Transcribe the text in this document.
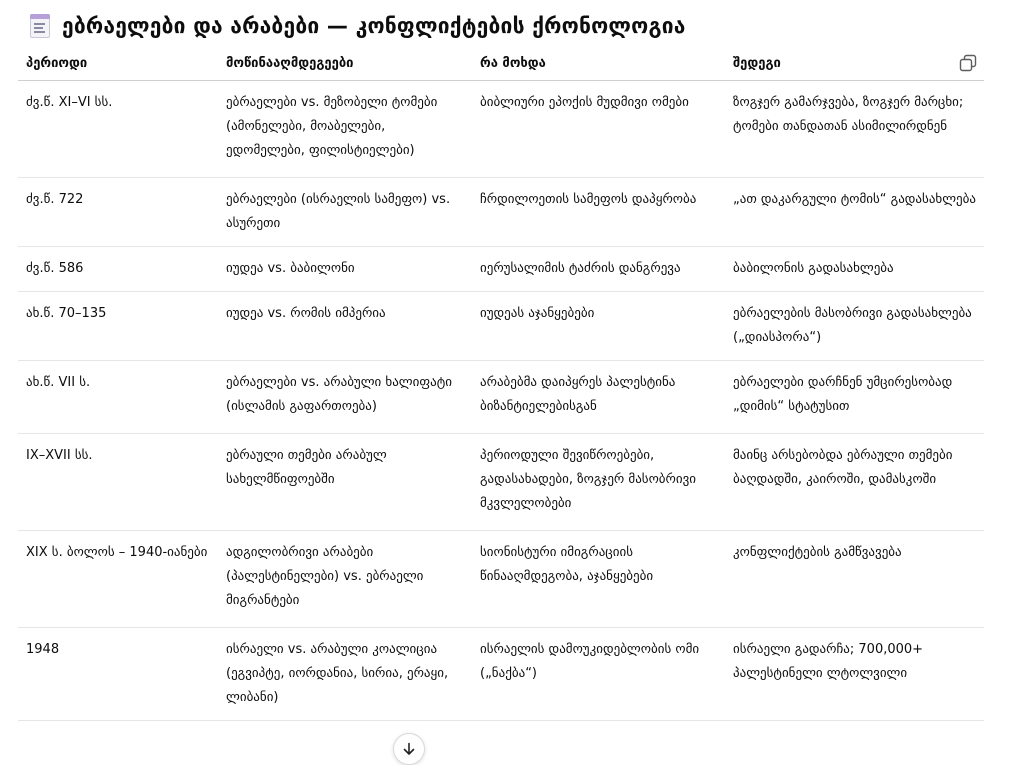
ებრაელები და არაბები — კონფლიქტების ქრონოლოგია
პერიოდი	მოწინააღმდეგეები	რა მოხდა	შედეგი
ძვ.წ. XI–VI სს.	ებრაელები vs. მეზობელი ტომები (ამონელები, მოაბელები, ედომელები, ფილისტიელები)	ბიბლიური ეპოქის მუდმივი ომები	ზოგჯერ გამარჯვება, ზოგჯერ მარცხი; ტომები თანდათან ასიმილირდნენ
ძვ.წ. 722	ებრაელები (ისრაელის სამეფო) vs. ასურეთი	ჩრდილოეთის სამეფოს დაპყრობა	„ათ დაკარგული ტომის“ გადასახლება
ძვ.წ. 586	იუდეა vs. ბაბილონი	იერუსალიმის ტაძრის დანგრევა	ბაბილონის გადასახლება
ახ.წ. 70–135	იუდეა vs. რომის იმპერია	იუდეას აჯანყებები	ებრაელების მასობრივი გადასახლება („დიასპორა“)
ახ.წ. VII ს.	ებრაელები vs. არაბული ხალიფატი (ისლამის გაფართოება)	არაბებმა დაიპყრეს პალესტინა ბიზანტიელებისგან	ებრაელები დარჩნენ უმცირესობად „დიმის“ სტატუსით
IX–XVII სს.	ებრაული თემები არაბულ სახელმწიფოებში	პერიოდული შევიწროებები, გადასახადები, ზოგჯერ მასობრივი მკვლელობები	მაინც არსებობდა ებრაული თემები ბაღდადში, კაიროში, დამასკოში
XIX ს. ბოლოს – 1940-იანები	ადგილობრივი არაბები (პალესტინელები) vs. ებრაელი მიგრანტები	სიონისტური იმიგრაციის წინააღმდეგობა, აჯანყებები	კონფლიქტების გამწვავება
1948	ისრაელი vs. არაბული კოალიცია (ეგვიპტე, იორდანია, სირია, ერაყი, ლიბანი)	ისრაელის დამოუკიდებლობის ომი („ნაქბა“)	ისრაელი გადარჩა; 700,000+ პალესტინელი ლტოლვილი
